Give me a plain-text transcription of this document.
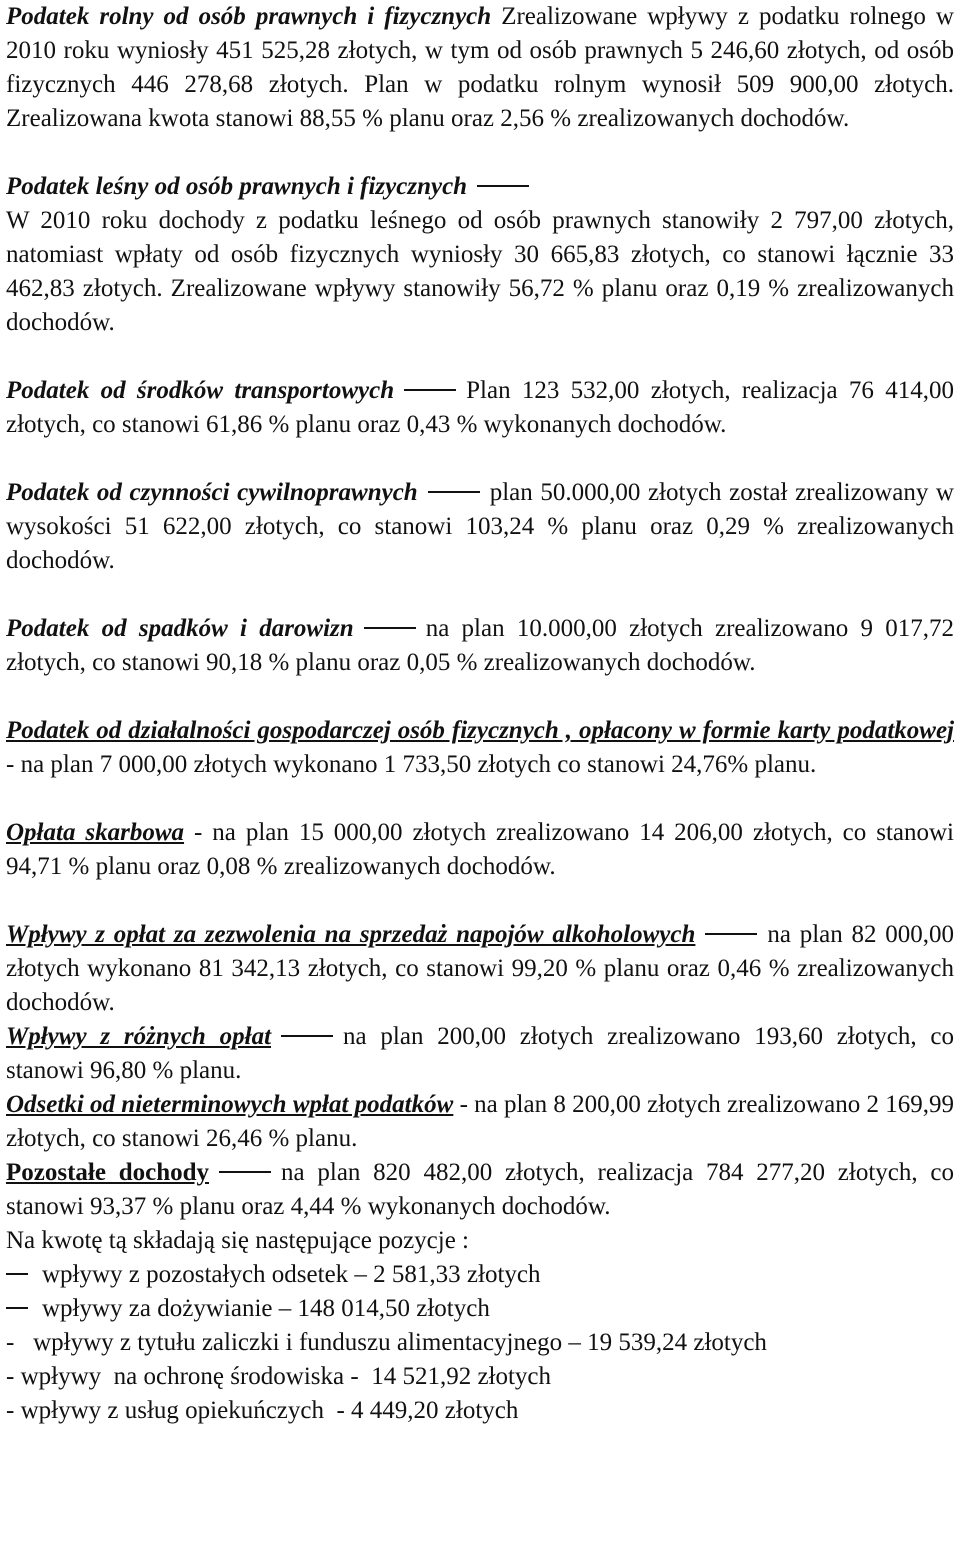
Podatek rolny od osób prawnych i fizycznych Zrealizowane wpływy z podatku rolnego w 2010 roku wyniosły 451 525,28 złotych, w tym od osób prawnych 5 246,60 złotych, od osób fizycznych 446 278,68 złotych. Plan w podatku rolnym wynosił 509 900,00 złotych. Zrealizowana kwota stanowi 88,55 % planu oraz 2,56 % zrealizowanych dochodów.

Podatek leśny od osób prawnych i fizycznych
W 2010 roku dochody z podatku leśnego od osób prawnych stanowiły 2 797,00 złotych, natomiast wpłaty od osób fizycznych wyniosły 30 665,83 złotych, co stanowi łącznie 33 462,83 złotych. Zrealizowane wpływy stanowiły 56,72 % planu oraz 0,19 % zrealizowanych dochodów.

Podatek od środków transportowych	Plan 123 532,00 złotych, realizacja 76 414,00 złotych, co stanowi 61,86 % planu oraz 0,43 % wykonanych dochodów.

Podatek od czynności cywilnoprawnych	plan 50.000,00 złotych został zrealizowany w wysokości 51 622,00 złotych, co stanowi 103,24 % planu oraz 0,29 % zrealizowanych dochodów.

Podatek od spadków i darowizn	na plan 10.000,00 złotych zrealizowano 9 017,72 złotych, co stanowi 90,18 % planu oraz 0,05 % zrealizowanych dochodów.

Podatek od działalności gospodarczej osób fizycznych , opłacony w formie karty podatkowej - na plan 7 000,00 złotych wykonano 1 733,50 złotych co stanowi 24,76% planu.

Opłata skarbowa - na plan 15 000,00 złotych zrealizowano 14 206,00 złotych, co stanowi 94,71 % planu oraz 0,08 % zrealizowanych dochodów.

Wpływy z opłat za zezwolenia na sprzedaż napojów alkoholowych	na plan 82 000,00 złotych wykonano 81 342,13 złotych, co stanowi 99,20 % planu oraz 0,46 % zrealizowanych dochodów.

Wpływy z różnych opłat	na plan 200,00 złotych zrealizowano 193,60 złotych, co stanowi 96,80 % planu.

Odsetki od nieterminowych wpłat podatków - na plan 8 200,00 złotych zrealizowano 2 169,99 złotych, co stanowi 26,46 % planu.

Pozostałe dochody	na plan 820 482,00 złotych, realizacja 784 277,20 złotych, co stanowi 93,37 % planu oraz 4,44 % wykonanych dochodów.

Na kwotę tą składają się następujące pozycje :

wpływy z pozostałych odsetek – 2 581,33 złotych
wpływy za dożywianie – 148 014,50 złotych
-   wpływy z tytułu zaliczki i funduszu alimentacyjnego – 19 539,24 złotych
- wpływy  na ochronę środowiska -  14 521,92 złotych
- wpływy z usług opiekuńczych  - 4 449,20 złotych
